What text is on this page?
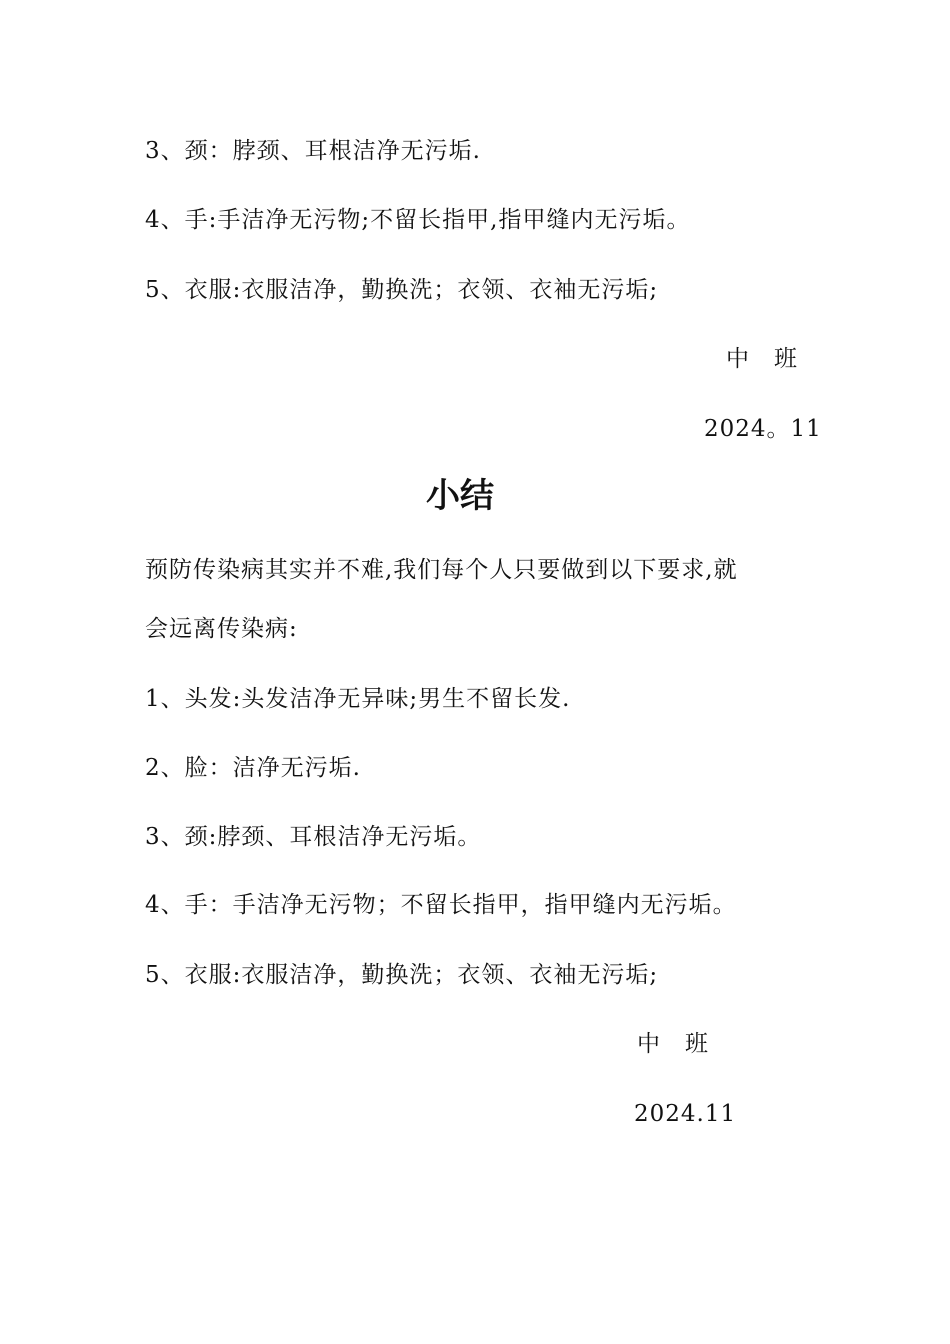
3、颈：脖颈、耳根洁净无污垢.
4、手:手洁净无污物;不留长指甲,指甲缝内无污垢。
5、衣服:衣服洁净，勤换洗；衣领、衣袖无污垢;
中　班
2024。11
小结
预防传染病其实并不难,我们每个人只要做到以下要求,就
会远离传染病:
1、头发:头发洁净无异味;男生不留长发.
2、脸：洁净无污垢.
3、颈:脖颈、耳根洁净无污垢。
4、手：手洁净无污物；不留长指甲，指甲缝内无污垢。
5、衣服:衣服洁净，勤换洗；衣领、衣袖无污垢;
中　班
2024.11
